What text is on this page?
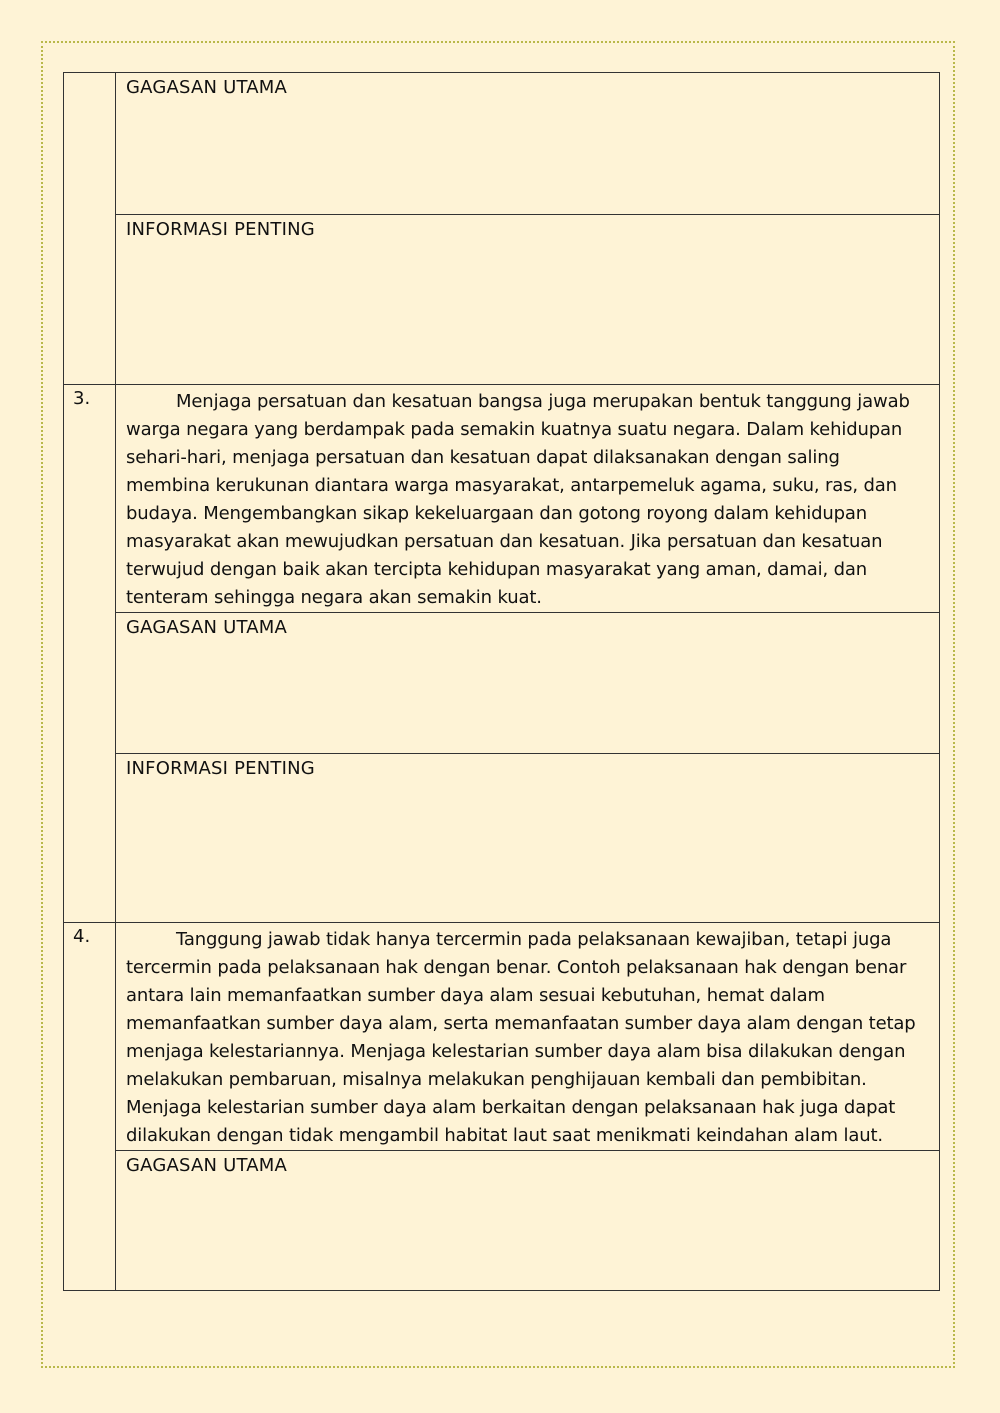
	GAGASAN UTAMA

	INFORMASI PENTING

3.	Menjaga persatuan dan kesatuan bangsa juga merupakan bentuk tanggung jawab warga negara yang berdampak pada semakin kuatnya suatu negara. Dalam kehidupan sehari-hari, menjaga persatuan dan kesatuan dapat dilaksanakan dengan saling membina kerukunan diantara warga masyarakat, antarpemeluk agama, suku, ras, dan budaya. Mengembangkan sikap kekeluargaan dan gotong royong dalam kehidupan masyarakat akan mewujudkan persatuan dan kesatuan. Jika persatuan dan kesatuan terwujud dengan baik akan tercipta kehidupan masyarakat yang aman, damai, dan tenteram sehingga negara akan semakin kuat.

	GAGASAN UTAMA

	INFORMASI PENTING

4.	Tanggung jawab tidak hanya tercermin pada pelaksanaan kewajiban, tetapi juga tercermin pada pelaksanaan hak dengan benar. Contoh pelaksanaan hak dengan benar antara lain memanfaatkan sumber daya alam sesuai kebutuhan, hemat dalam memanfaatkan sumber daya alam, serta memanfaatan sumber daya alam dengan tetap menjaga kelestariannya. Menjaga kelestarian sumber daya alam bisa dilakukan dengan melakukan pembaruan, misalnya melakukan penghijauan kembali dan pembibitan. Menjaga kelestarian sumber daya alam berkaitan dengan pelaksanaan hak juga dapat dilakukan dengan tidak mengambil habitat laut saat menikmati keindahan alam laut.

	GAGASAN UTAMA
